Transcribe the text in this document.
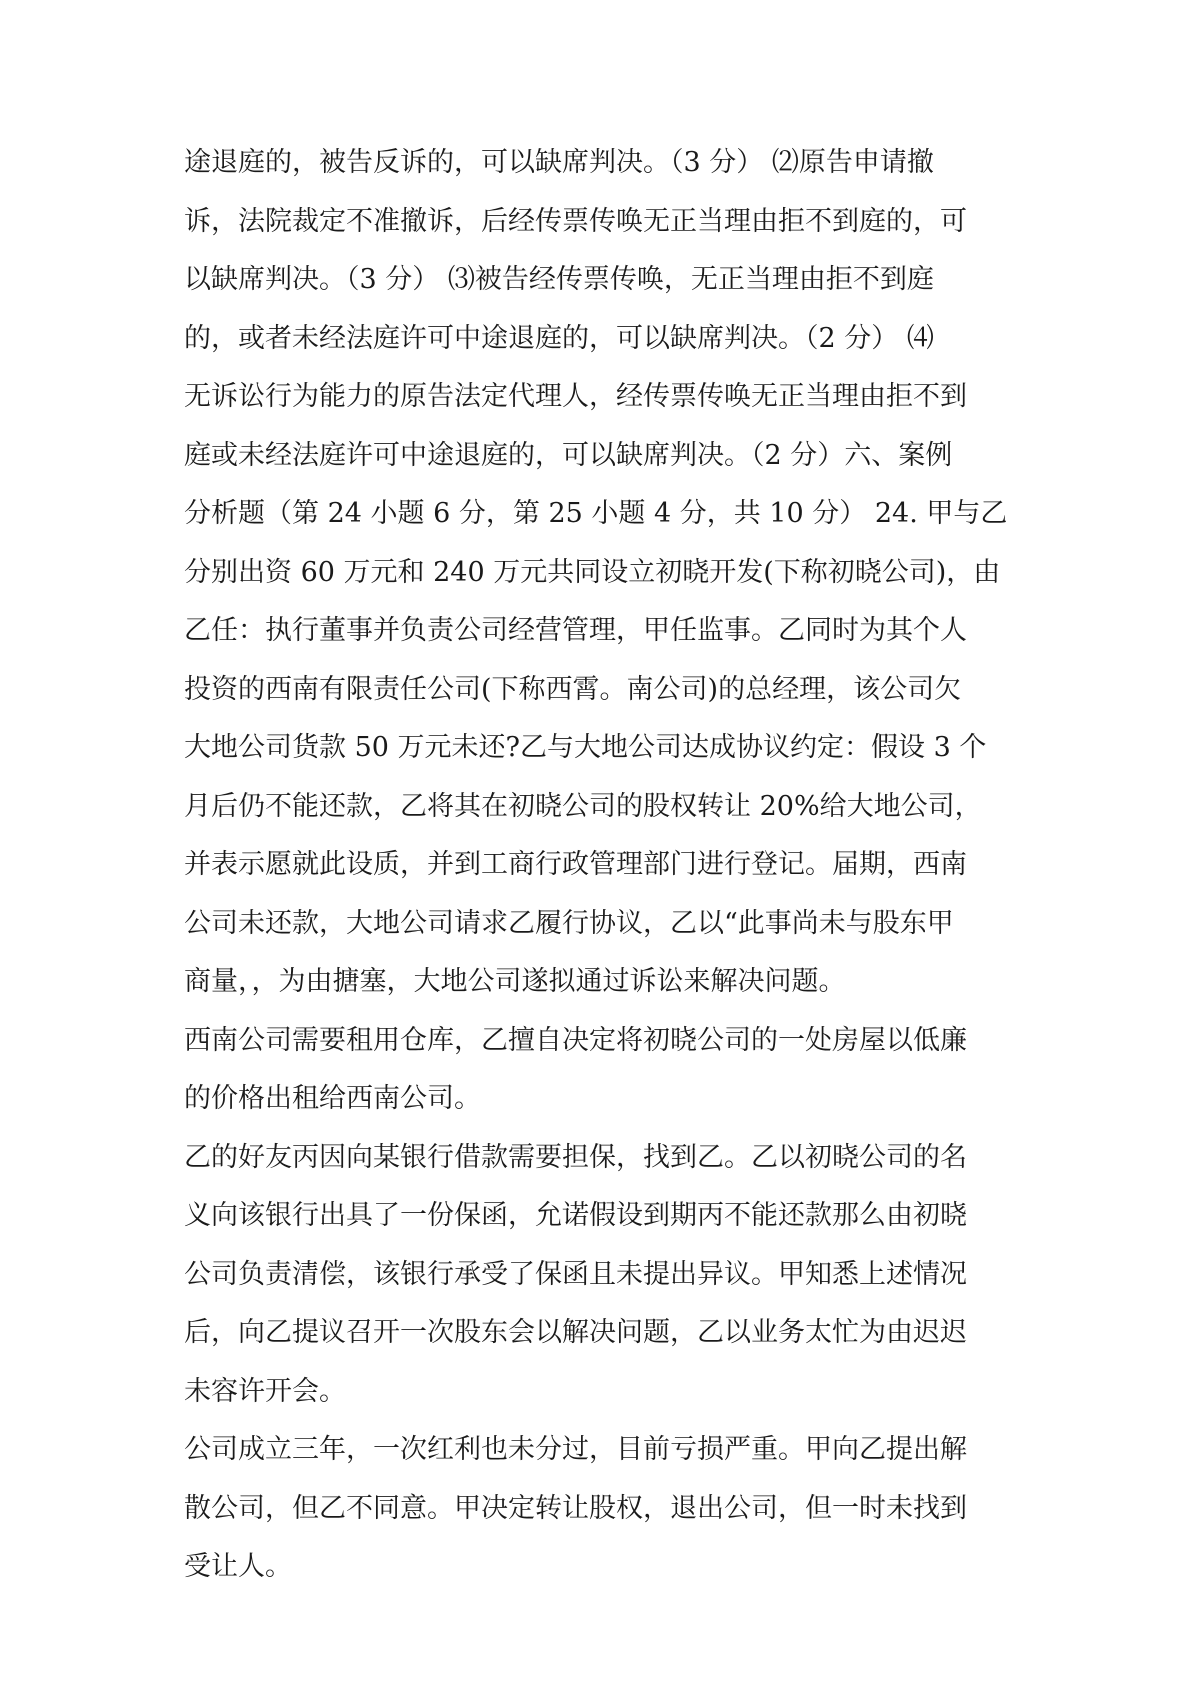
途退庭的，被告反诉的，可以缺席判决。（3 分） ⑵原告申请撤
诉，法院裁定不准撤诉，后经传票传唤无正当理由拒不到庭的，可
以缺席判决。（3 分） ⑶被告经传票传唤，无正当理由拒不到庭
的，或者未经法庭许可中途退庭的，可以缺席判决。（2 分） ⑷
无诉讼行为能力的原告法定代理人，经传票传唤无正当理由拒不到
庭或未经法庭许可中途退庭的，可以缺席判决。（2 分）六、案例
分析题（第 24 小题 6 分，第 25 小题 4 分，共 10 分） 24. 甲与乙
分别出资 60 万元和 240 万元共同设立初晓开发(下称初晓公司)，由
乙任：执行董事并负责公司经营管理，甲任监事。乙同时为其个人
投资的西南有限责任公司(下称西霄。南公司)的总经理，该公司欠
大地公司货款 50 万元未还?乙与大地公司达成协议约定：假设 3 个
月后仍不能还款，乙将其在初晓公司的股权转让 20%给大地公司，
并表示愿就此设质，并到工商行政管理部门进行登记。届期，西南
公司未还款，大地公司请求乙履行协议，乙以“此事尚未与股东甲
商量，，为由搪塞，大地公司遂拟通过诉讼来解决问题。

西南公司需要租用仓库，乙擅自决定将初晓公司的一处房屋以低廉
的价格出租给西南公司。

乙的好友丙因向某银行借款需要担保，找到乙。乙以初晓公司的名
义向该银行出具了一份保函，允诺假设到期丙不能还款那么由初晓
公司负责清偿，该银行承受了保函且未提出异议。甲知悉上述情况
后，向乙提议召开一次股东会以解决问题，乙以业务太忙为由迟迟
未容许开会。

公司成立三年，一次红利也未分过，目前亏损严重。甲向乙提出解
散公司，但乙不同意。甲决定转让股权，退出公司，但一时未找到
受让人。
